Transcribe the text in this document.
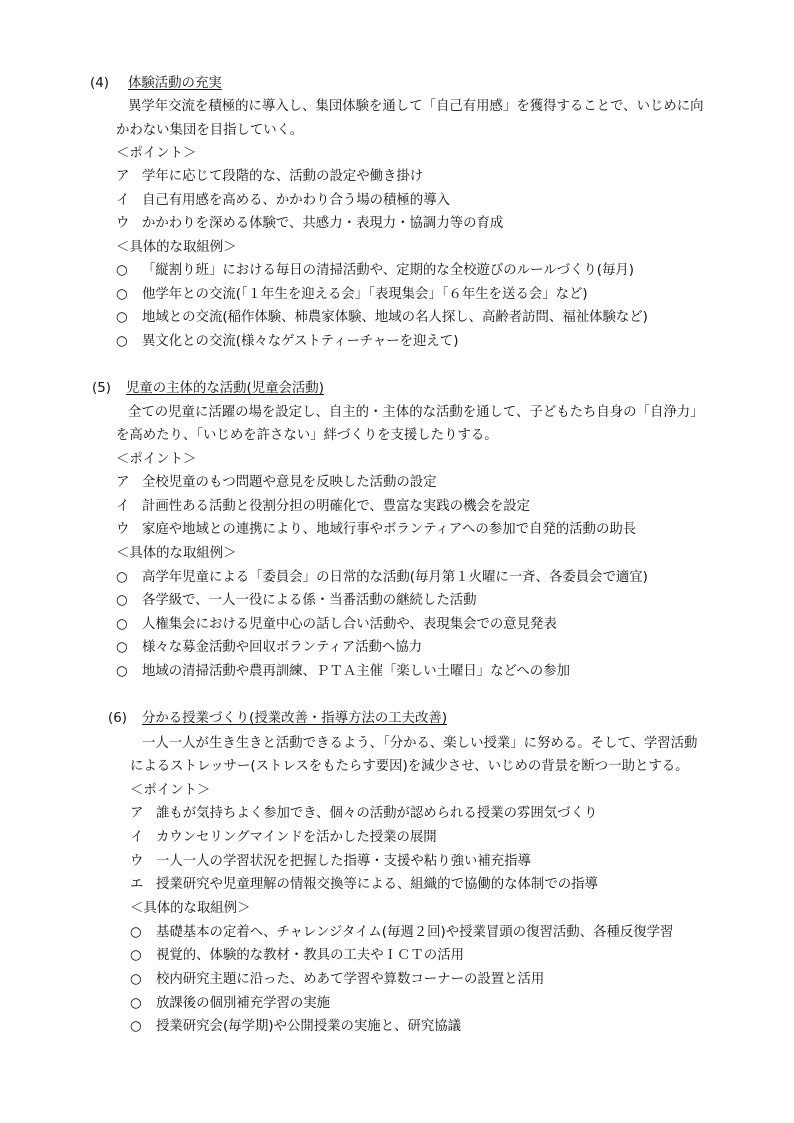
(4) 体験活動の充実
異学年交流を積極的に導入し、集団体験を通して「自己有用感」を獲得することで、いじめに向
かわない集団を目指していく。
＜ポイント＞
ア 学年に応じて段階的な、活動の設定や働き掛け
イ 自己有用感を高める、かかわり合う場の積極的導入
ウ かかわりを深める体験で、共感力・表現力・協調力等の育成
＜具体的な取組例＞
○ 「縦割り班」における毎日の清掃活動や、定期的な全校遊びのルールづくり(毎月)
○ 他学年との交流(「１年生を迎える会」「表現集会」「６年生を送る会」など)
○ 地域との交流(稲作体験、柿農家体験、地域の名人探し、高齢者訪問、福祉体験など)
○ 異文化との交流(様々なゲストティーチャーを迎えて)
(5) 児童の主体的な活動(児童会活動)
全ての児童に活躍の場を設定し、自主的・主体的な活動を通して、子どもたち自身の「自浄力」
を高めたり、「いじめを許さない」絆づくりを支援したりする。
＜ポイント＞
ア 全校児童のもつ問題や意見を反映した活動の設定
イ 計画性ある活動と役割分担の明確化で、豊富な実践の機会を設定
ウ 家庭や地域との連携により、地域行事やボランティアへの参加で自発的活動の助長
＜具体的な取組例＞
○ 高学年児童による「委員会」の日常的な活動(毎月第１火曜に一斉、各委員会で適宜)
○ 各学級で、一人一役による係・当番活動の継続した活動
○ 人権集会における児童中心の話し合い活動や、表現集会での意見発表
○ 様々な募金活動や回収ボランティア活動へ協力
○ 地域の清掃活動や農再訓練、ＰＴＡ主催「楽しい土曜日」などへの参加
(6) 分かる授業づくり(授業改善・指導方法の工夫改善)
一人一人が生き生きと活動できるよう、「分かる、楽しい授業」に努める。そして、学習活動
によるストレッサー(ストレスをもたらす要因)を減少させ、いじめの背景を断つ一助とする。
＜ポイント＞
ア 誰もが気持ちよく参加でき、個々の活動が認められる授業の雰囲気づくり
イ カウンセリングマインドを活かした授業の展開
ウ 一人一人の学習状況を把握した指導・支援や粘り強い補充指導
エ 授業研究や児童理解の情報交換等による、組織的で協働的な体制での指導
＜具体的な取組例＞
○ 基礎基本の定着へ、チャレンジタイム(毎週２回)や授業冒頭の復習活動、各種反復学習
○ 視覚的、体験的な教材・教具の工夫やＩＣＴの活用
○ 校内研究主題に沿った、めあて学習や算数コーナーの設置と活用
○ 放課後の個別補充学習の実施
○ 授業研究会(毎学期)や公開授業の実施と、研究協議
